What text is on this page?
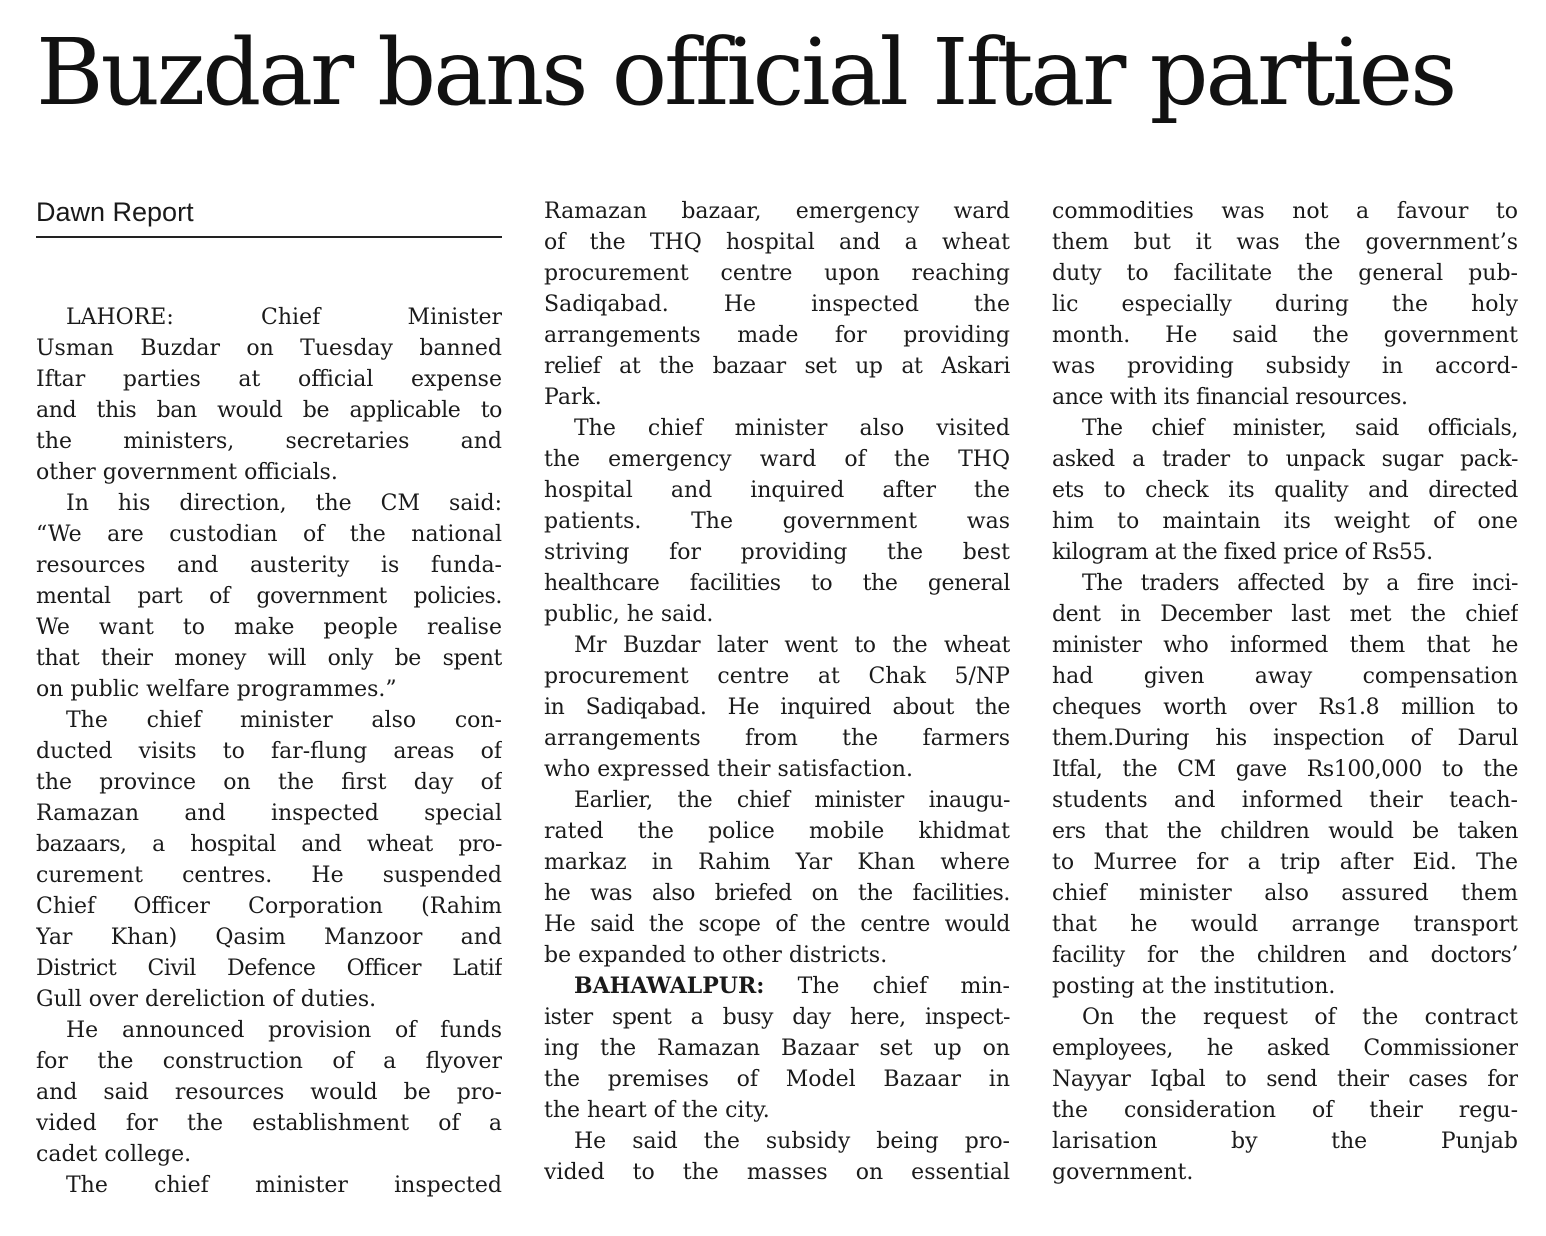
Buzdar bans official Iftar parties
Dawn Report
LAHORE: Chief Minister
Usman Buzdar on Tuesday banned
Iftar parties at official expense
and this ban would be applicable to
the ministers, secretaries and
other government officials.
In his direction, the CM said:
“We are custodian of the national
resources and austerity is funda-
mental part of government policies.
We want to make people realise
that their money will only be spent
on public welfare programmes.”
The chief minister also con-
ducted visits to far-flung areas of
the province on the first day of
Ramazan and inspected special
bazaars, a hospital and wheat pro-
curement centres. He suspended
Chief Officer Corporation (Rahim
Yar Khan) Qasim Manzoor and
District Civil Defence Officer Latif
Gull over dereliction of duties.
He announced provision of funds
for the construction of a flyover
and said resources would be pro-
vided for the establishment of a
cadet college.
The chief minister inspected
Ramazan bazaar, emergency ward
of the THQ hospital and a wheat
procurement centre upon reaching
Sadiqabad. He inspected the
arrangements made for providing
relief at the bazaar set up at Askari
Park.
The chief minister also visited
the emergency ward of the THQ
hospital and inquired after the
patients. The government was
striving for providing the best
healthcare facilities to the general
public, he said.
Mr Buzdar later went to the wheat
procurement centre at Chak 5/NP
in Sadiqabad. He inquired about the
arrangements from the farmers
who expressed their satisfaction.
Earlier, the chief minister inaugu-
rated the police mobile khidmat
markaz in Rahim Yar Khan where
he was also briefed on the facilities.
He said the scope of the centre would
be expanded to other districts.
BAHAWALPUR: The chief min-
ister spent a busy day here, inspect-
ing the Ramazan Bazaar set up on
the premises of Model Bazaar in
the heart of the city.
He said the subsidy being pro-
vided to the masses on essential
commodities was not a favour to
them but it was the government’s
duty to facilitate the general pub-
lic especially during the holy
month. He said the government
was providing subsidy in accord-
ance with its financial resources.
The chief minister, said officials,
asked a trader to unpack sugar pack-
ets to check its quality and directed
him to maintain its weight of one
kilogram at the fixed price of Rs55.
The traders affected by a fire inci-
dent in December last met the chief
minister who informed them that he
had given away compensation
cheques worth over Rs1.8 million to
them.During his inspection of Darul
Itfal, the CM gave Rs100,000 to the
students and informed their teach-
ers that the children would be taken
to Murree for a trip after Eid. The
chief minister also assured them
that he would arrange transport
facility for the children and doctors’
posting at the institution.
On the request of the contract
employees, he asked Commissioner
Nayyar Iqbal to send their cases for
the consideration of their regu-
larisation by the Punjab
government.
